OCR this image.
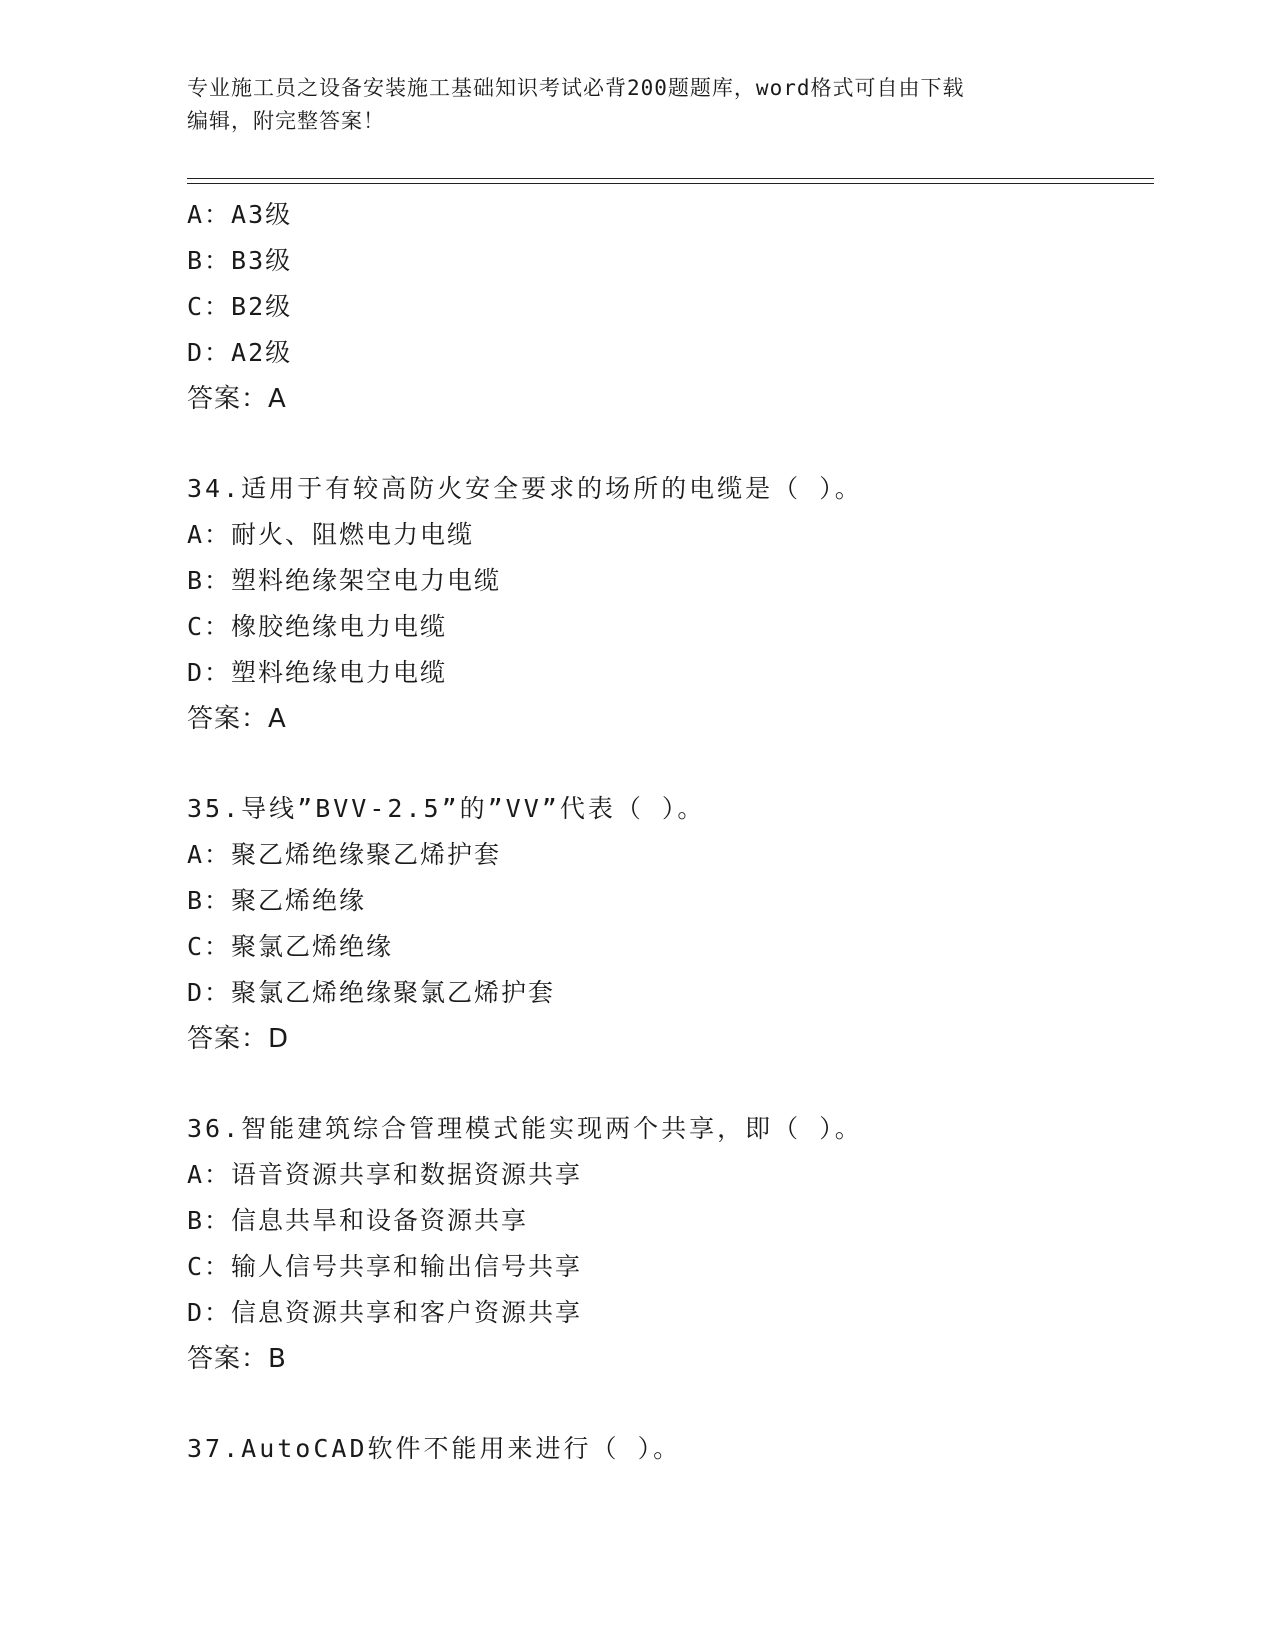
专业施工员之设备安装施工基础知识考试必背200题题库，word格式可自由下载
编辑，附完整答案！
A：A3级
B：B3级
C：B2级
D：A2级
答案：A
34.适用于有较高防火安全要求的场所的电缆是（ ）。
A：耐火、阻燃电力电缆
B：塑料绝缘架空电力电缆
C：橡胶绝缘电力电缆
D：塑料绝缘电力电缆
答案：A
35.导线”BVV-2.5”的”VV”代表（ ）。
A：聚乙烯绝缘聚乙烯护套
B：聚乙烯绝缘
C：聚氯乙烯绝缘
D：聚氯乙烯绝缘聚氯乙烯护套
答案：D
36.智能建筑综合管理模式能实现两个共享，即（ ）。
A：语音资源共享和数据资源共享
B：信息共旱和设备资源共享
C：输人信号共享和输出信号共享
D：信息资源共享和客户资源共享
答案：B
37.AutoCAD软件不能用来进行（ ）。
